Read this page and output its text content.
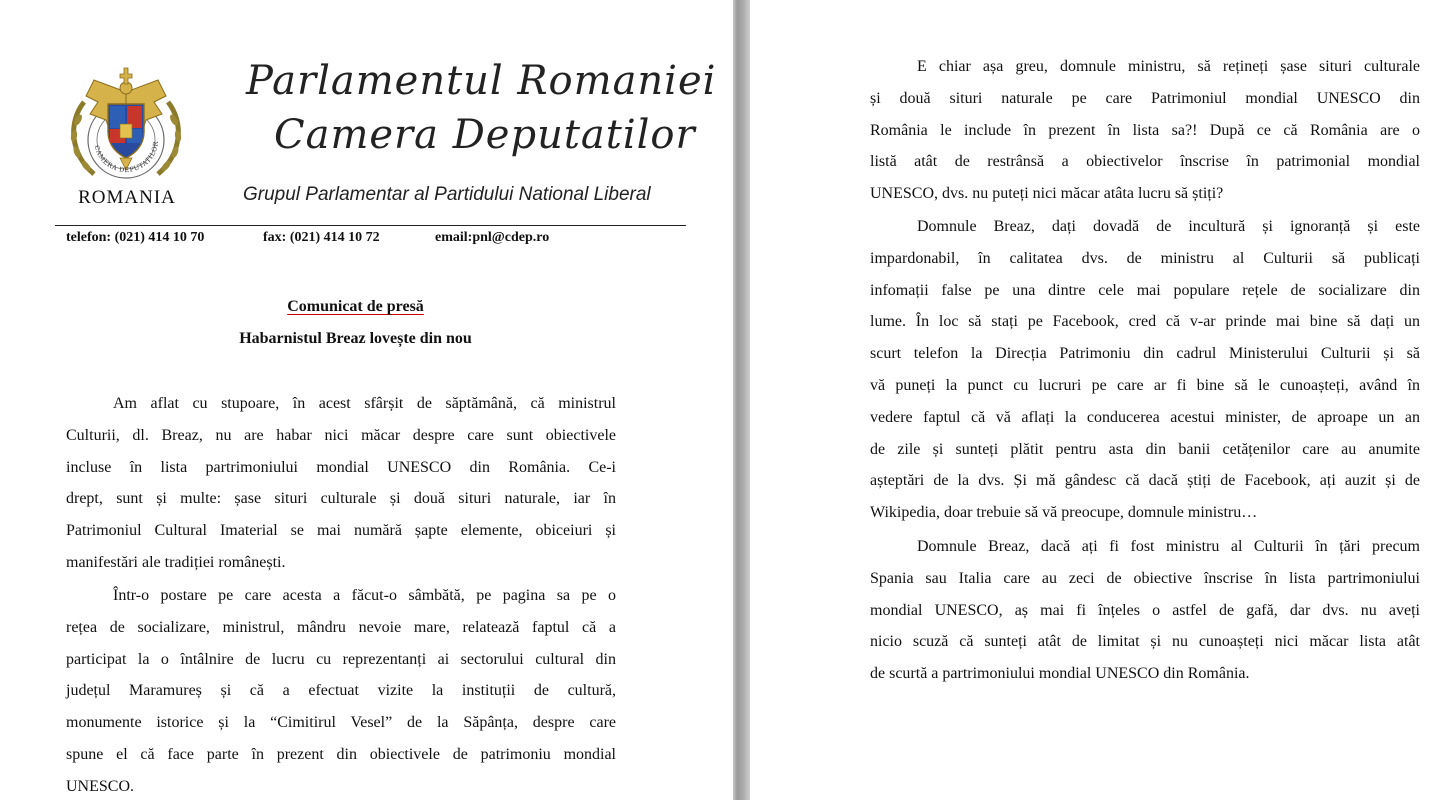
CAMERA DEPUTATILOR
ROMANIA
Parlamentul Romaniei
Camera Deputatilor
Grupul Parlamentar al Partidului National Liberal
telefon: (021) 414 10 70	fax: (021) 414 10 72	email:pnl@cdep.ro
Comunicat de presă
Habarnistul Breaz lovește din nou
Am aflat cu stupoare, în acest sfârșit de săptămână, că ministrul
Culturii, dl. Breaz, nu are habar nici măcar despre care sunt obiectivele
incluse în lista partrimoniului mondial UNESCO din România. Ce-i
drept, sunt și multe: șase situri culturale și două situri naturale, iar în
Patrimoniul Cultural Imaterial se mai numără șapte elemente, obiceiuri și
manifestări ale tradiției românești.
Într-o postare pe care acesta a făcut-o sâmbătă, pe pagina sa pe o
rețea de socializare, ministrul, mândru nevoie mare, relatează faptul că a
participat la o întâlnire de lucru cu reprezentanți ai sectorului cultural din
județul Maramureș și că a efectuat vizite la instituții de cultură,
monumente istorice și la “Cimitirul Vesel” de la Săpânța, despre care
spune el că face parte în prezent din obiectivele de patrimoniu mondial
UNESCO.
E chiar așa greu, domnule ministru, să rețineți șase situri culturale
și două situri naturale pe care Patrimoniul mondial UNESCO din
România le include în prezent în lista sa?! După ce că România are o
listă atât de restrânsă a obiectivelor înscrise în patrimonial mondial
UNESCO, dvs. nu puteți nici măcar atâta lucru să știți?
Domnule Breaz, dați dovadă de incultură și ignoranță și este
impardonabil, în calitatea dvs. de ministru al Culturii să publicați
infomații false pe una dintre cele mai populare rețele de socializare din
lume. În loc să stați pe Facebook, cred că v-ar prinde mai bine să dați un
scurt telefon la Direcția Patrimoniu din cadrul Ministerului Culturii și să
vă puneți la punct cu lucruri pe care ar fi bine să le cunoașteți, având în
vedere faptul că vă aflați la conducerea acestui minister, de aproape un an
de zile și sunteți plătit pentru asta din banii cetățenilor care au anumite
așteptări de la dvs. Și mă gândesc că dacă știți de Facebook, ați auzit și de
Wikipedia, doar trebuie să vă preocupe, domnule ministru…
Domnule Breaz, dacă ați fi fost ministru al Culturii în țări precum
Spania sau Italia care au zeci de obiective înscrise în lista partrimoniului
mondial UNESCO, aș mai fi înțeles o astfel de gafă, dar dvs. nu aveți
nicio scuză că sunteți atât de limitat și nu cunoașteți nici măcar lista atât
de scurtă a partrimoniului mondial UNESCO din România.
